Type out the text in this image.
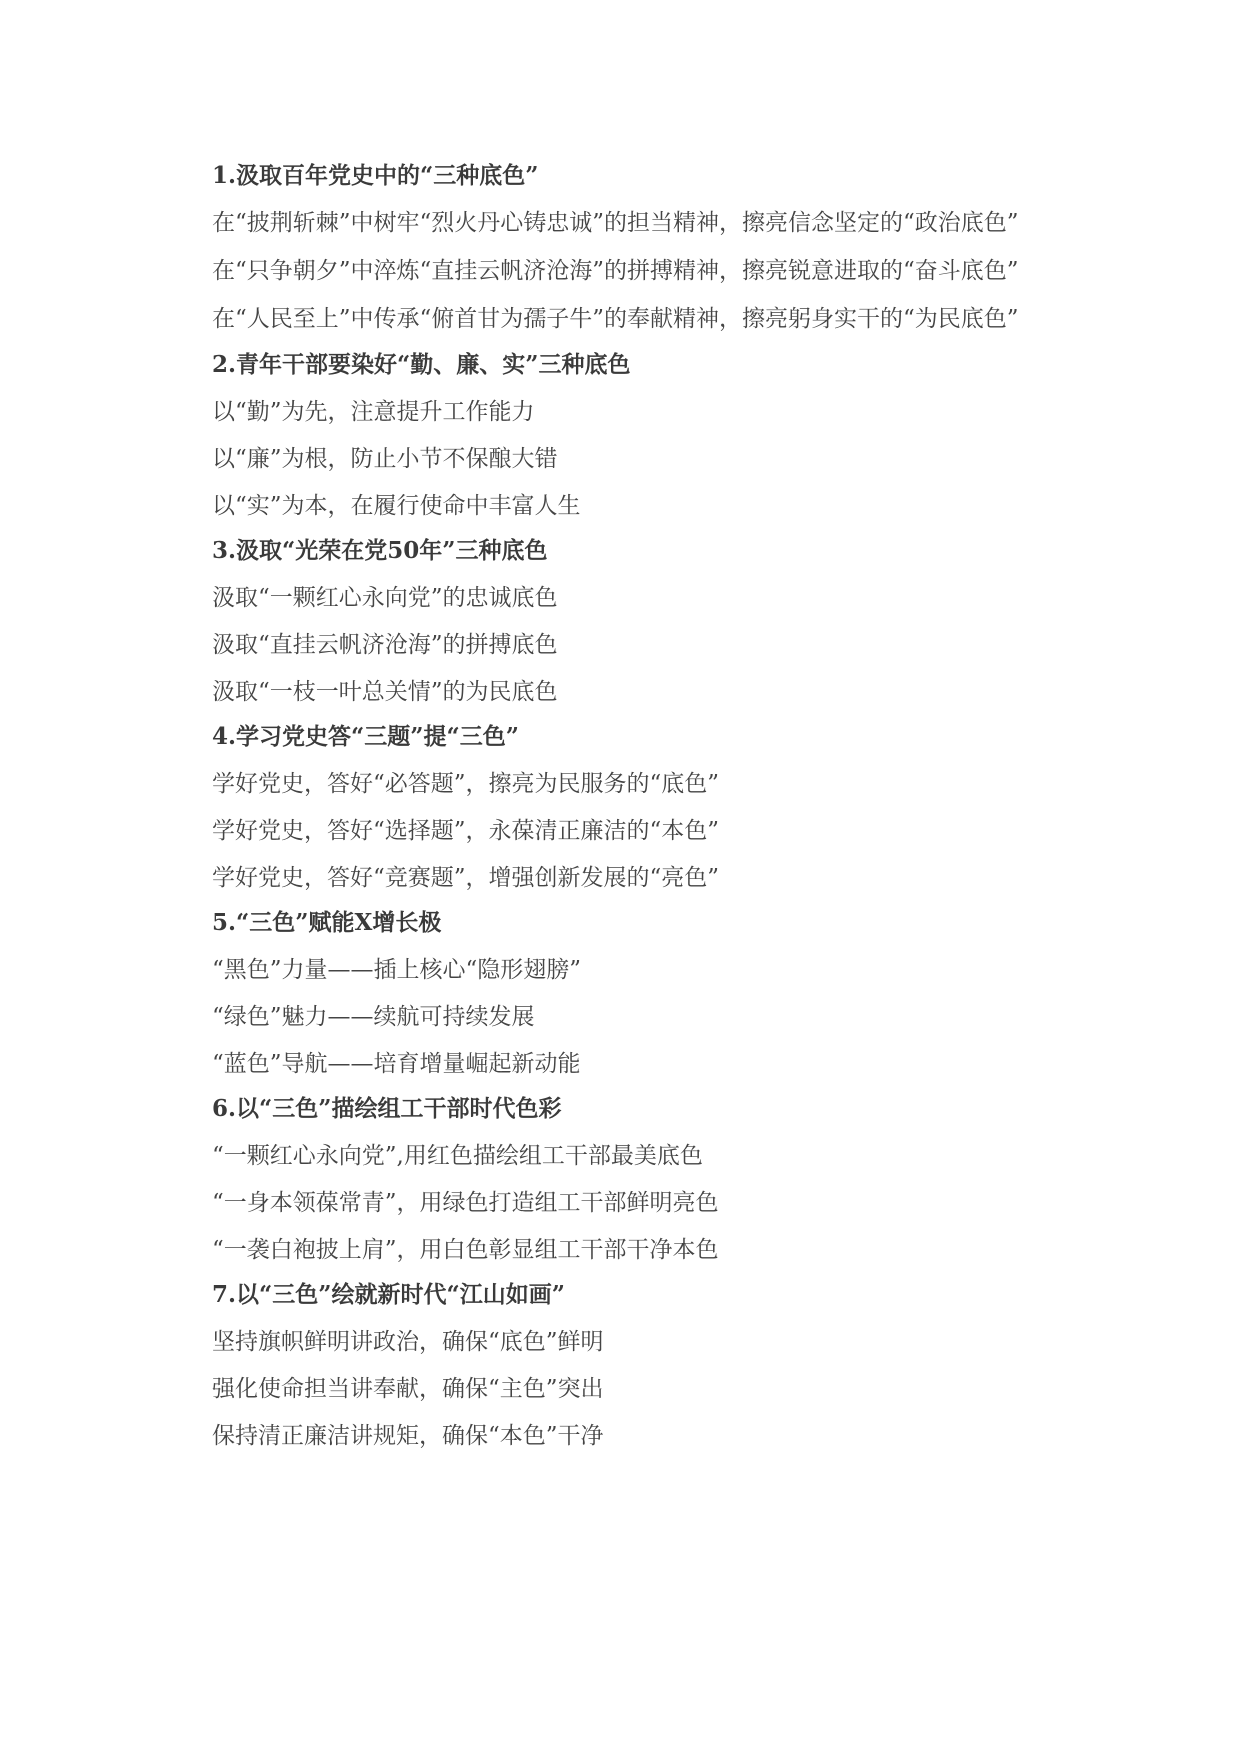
1.汲取百年党史中的“三种底色”

在“披荆斩棘”中树牢“烈火丹心铸忠诚”的担当精神，擦亮信念坚定的“政治底色”

在“只争朝夕”中淬炼“直挂云帆济沧海”的拼搏精神，擦亮锐意进取的“奋斗底色”

在“人民至上”中传承“俯首甘为孺子牛”的奉献精神，擦亮躬身实干的“为民底色”

2.青年干部要染好“勤、廉、实”三种底色

以“勤”为先，注意提升工作能力

以“廉”为根，防止小节不保酿大错

以“实”为本，在履行使命中丰富人生

3.汲取“光荣在党50年”三种底色

汲取“一颗红心永向党”的忠诚底色

汲取“直挂云帆济沧海”的拼搏底色

汲取“一枝一叶总关情”的为民底色

4.学习党史答“三题”提“三色”

学好党史，答好“必答题”，擦亮为民服务的“底色”

学好党史，答好“选择题”，永葆清正廉洁的“本色”

学好党史，答好“竞赛题”，增强创新发展的“亮色”

5.“三色”赋能X增长极

“黑色”力量——插上核心“隐形翅膀”

“绿色”魅力——续航可持续发展

“蓝色”导航——培育增量崛起新动能

6.以“三色”描绘组工干部时代色彩

“一颗红心永向党”,用红色描绘组工干部最美底色

“一身本领葆常青”，用绿色打造组工干部鲜明亮色

“一袭白袍披上肩”，用白色彰显组工干部干净本色

7.以“三色”绘就新时代“江山如画”

坚持旗帜鲜明讲政治，确保“底色”鲜明

强化使命担当讲奉献，确保“主色”突出

保持清正廉洁讲规矩，确保“本色”干净
